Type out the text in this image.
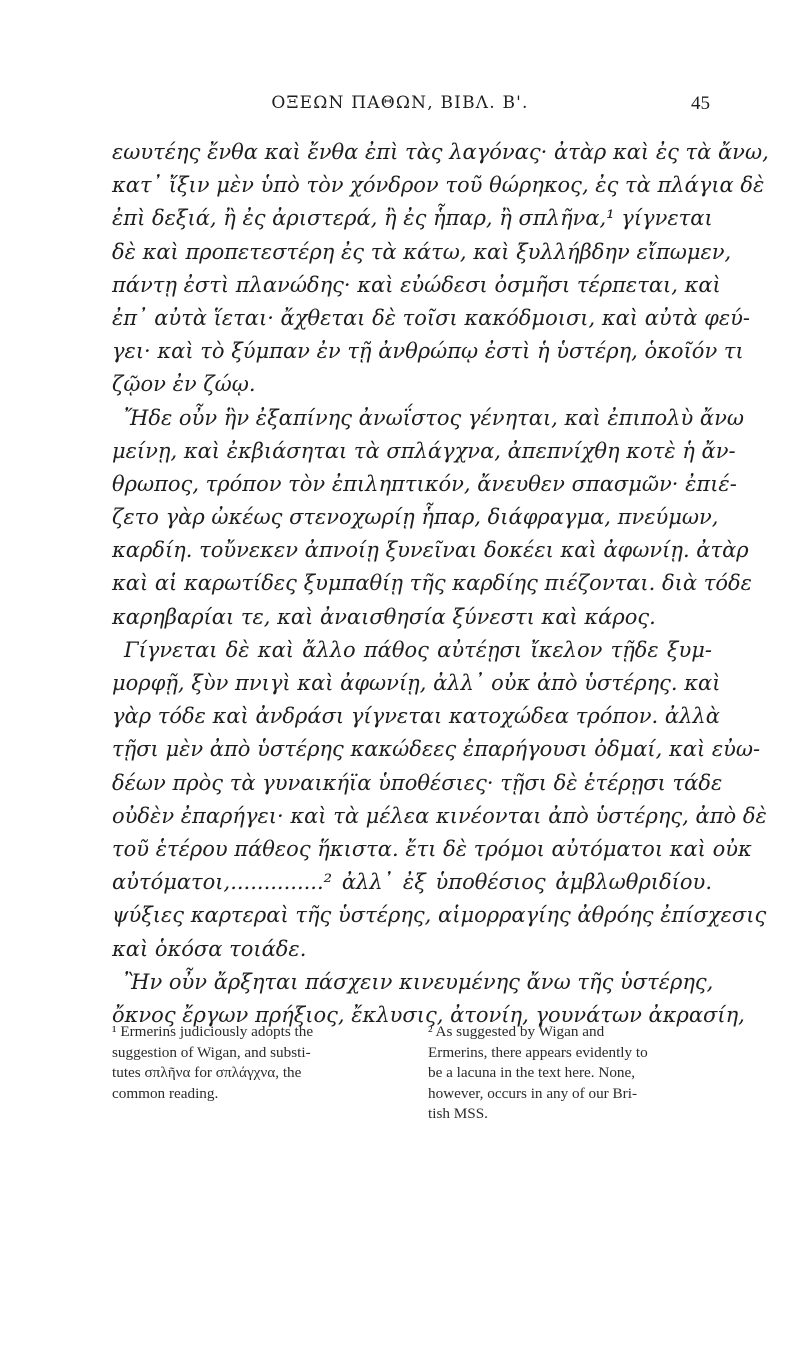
ΟΞΕΩΝ ΠΑΘΩΝ, ΒΙΒΛ. Β'.	45
εωυτέης ἔνθα καὶ ἔνθα ἐπὶ τὰς λαγόνας· ἀτὰρ καὶ ἐς τὰ ἄνω,
κατ᾽ ἴξιν μὲν ὑπὸ τὸν χόνδρον τοῦ θώρηκος, ἐς τὰ πλάγια δὲ
ἐπὶ δεξιά, ἢ ἐς ἀριστερά, ἢ ἐς ἧπαρ, ἢ σπλῆνα,¹ γίγνεται
δὲ καὶ προπετεστέρη ἐς τὰ κάτω, καὶ ξυλλήβδην εἴπωμεν,
πάντῃ ἐστὶ πλανώδης· καὶ εὐώδεσι ὀσμῆσι τέρπεται, καὶ
ἐπ᾽ αὐτὰ ἵεται· ἄχθεται δὲ τοῖσι κακόδμοισι, καὶ αὐτὰ φεύ-
γει· καὶ τὸ ξύμπαν ἐν τῇ ἀνθρώπῳ ἐστὶ ἡ ὑστέρη, ὁκοῖόν τι
ζῷον ἐν ζώῳ.
Ἤδε οὖν ἣν ἐξαπίνης ἀνωΐστος γένηται, καὶ ἐπιπολὺ ἄνω
μείνῃ, καὶ ἐκβιάσηται τὰ σπλάγχνα, ἀπεπνίχθη κοτὲ ἡ ἄν-
θρωπος, τρόπον τὸν ἐπιληπτικόν, ἄνευθεν σπασμῶν· ἐπιέ-
ζετο γὰρ ὠκέως στενοχωρίῃ ἧπαρ, διάφραγμα, πνεύμων,
καρδίη. τοὔνεκεν ἀπνοίῃ ξυνεῖναι δοκέει καὶ ἀφωνίῃ. ἀτὰρ
καὶ αἱ καρωτίδες ξυμπαθίῃ τῆς καρδίης πιέζονται. διὰ τόδε
καρηβαρίαι τε, καὶ ἀναισθησία ξύνεστι καὶ κάρος.
Γίγνεται δὲ καὶ ἄλλο πάθος αὐτέῃσι ἴκελον τῇδε ξυμ-
μορφῇ, ξὺν πνιγὶ καὶ ἀφωνίῃ, ἀλλ᾽ οὐκ ἀπὸ ὑστέρης. καὶ
γὰρ τόδε καὶ ἀνδράσι γίγνεται κατοχώδεα τρόπον. ἀλλὰ
τῇσι μὲν ἀπὸ ὑστέρης κακώδεες ἐπαρήγουσι ὀδμαί, καὶ εὐω-
δέων πρὸς τὰ γυναικήϊα ὑποθέσιες· τῇσι δὲ ἑτέρῃσι τάδε
οὐδὲν ἐπαρήγει· καὶ τὰ μέλεα κινέονται ἀπὸ ὑστέρης, ἀπὸ δὲ
τοῦ ἑτέρου πάθεος ἥκιστα. ἔτι δὲ τρόμοι αὐτόματοι καὶ οὐκ
αὐτόματοι,..............² ἀλλ᾽ ἐξ ὑποθέσιος ἀμβλωθριδίου.
ψύξιες καρτεραὶ τῆς ὑστέρης, αἱμορραγίης ἀθρόης ἐπίσχεσις
καὶ ὁκόσα τοιάδε.
Ἢν οὖν ἄρξηται πάσχειν κινευμένης ἄνω τῆς ὑστέρης,
ὄκνος ἔργων πρήξιος, ἔκλυσις, ἀτονίη, γουνάτων ἀκρασίη,
¹ Ermerins judiciously adopts the
suggestion of Wigan, and substi-
tutes σπλῆνα for σπλάγχνα, the
common reading.
² As suggested by Wigan and
Ermerins, there appears evidently to
be a lacuna in the text here. None,
however, occurs in any of our Bri-
tish MSS.
